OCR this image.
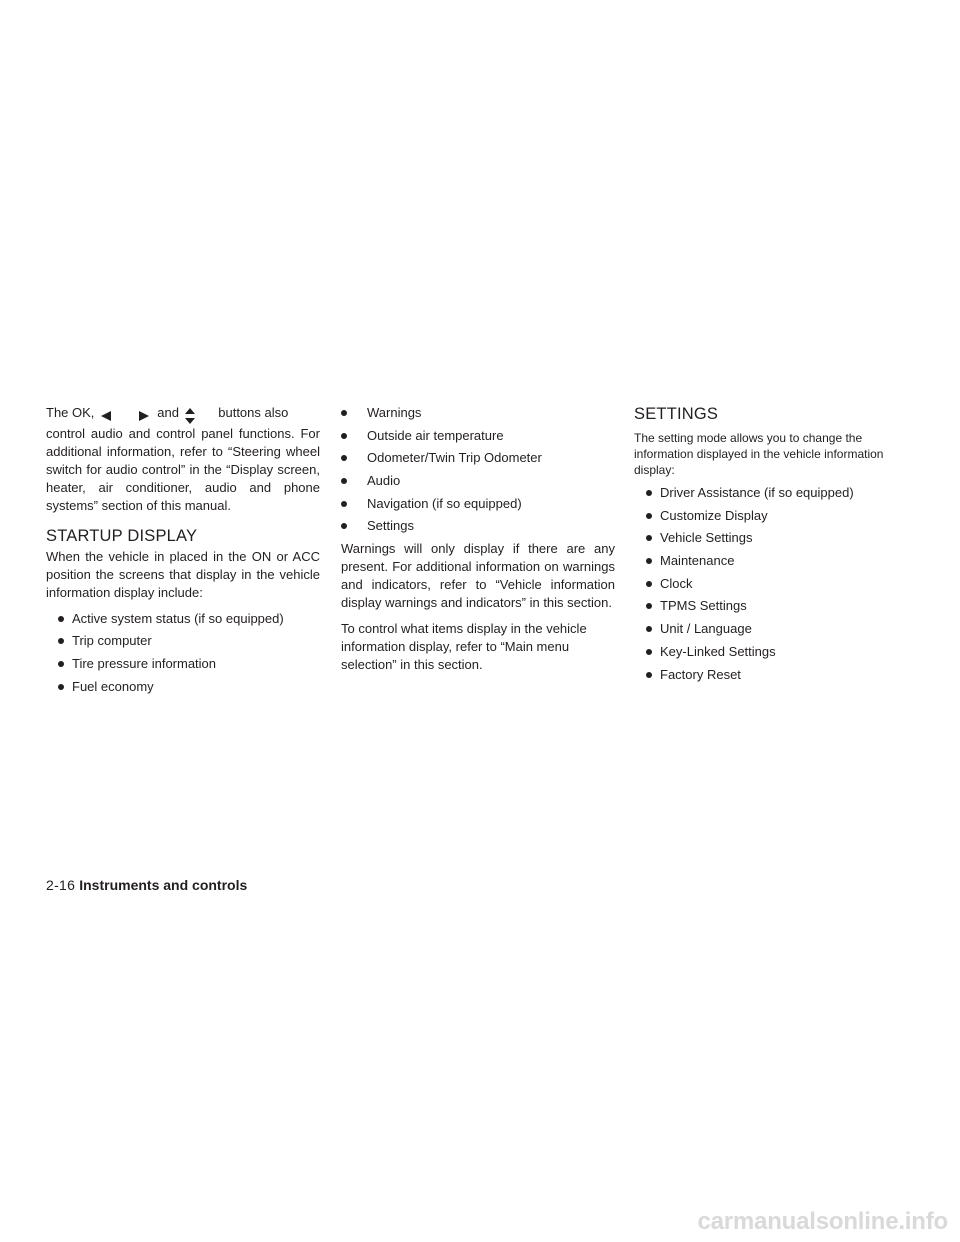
The OK,	and	buttons also

control audio and control panel functions. For additional information, refer to “Steering wheel switch for audio control” in the “Display screen, heater, air conditioner, audio and phone systems” section of this manual.

STARTUP DISPLAY

When the vehicle in placed in the ON or ACC position the screens that display in the vehicle information display include:

Active system status (if so equipped)
Trip computer
Tire pressure information
Fuel economy
Warnings
Outside air temperature
Odometer/Twin Trip Odometer
Audio
Navigation (if so equipped)
Settings

Warnings will only display if there are any present. For additional information on warnings and indicators, refer to “Vehicle information display warnings and indicators” in this section.

To control what items display in the vehicle information display, refer to “Main menu selection” in this section.

SETTINGS

The setting mode allows you to change the information displayed in the vehicle information display:

Driver Assistance (if so equipped)
Customize Display
Vehicle Settings
Maintenance
Clock
TPMS Settings
Unit / Language
Key-Linked Settings
Factory Reset
2-16 Instruments and controls
carmanualsonline.info
